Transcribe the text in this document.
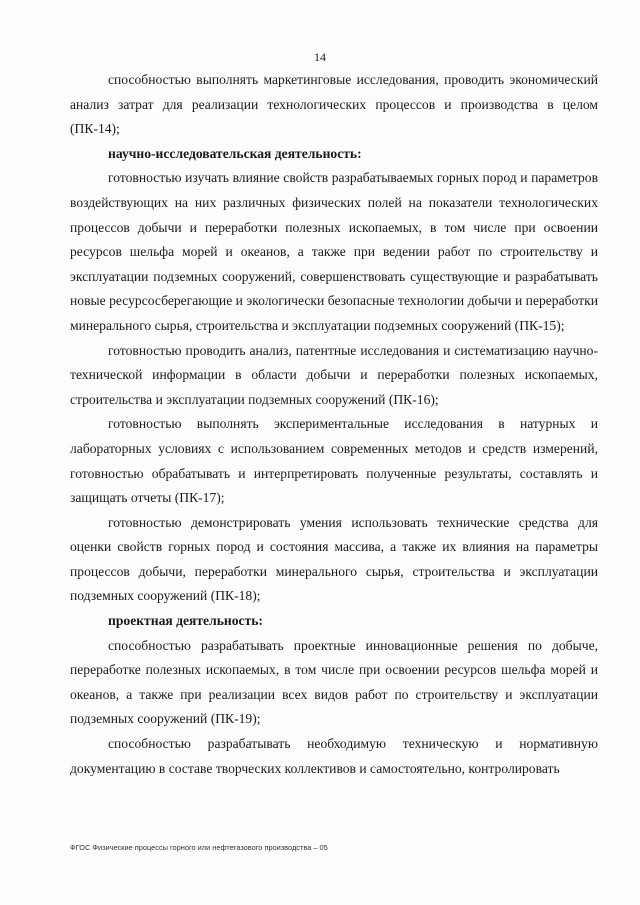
14

способностью выполнять маркетинговые исследования, проводить экономический анализ затрат для реализации технологических процессов и производства в целом (ПК-14);

научно-исследовательская деятельность:

готовностью изучать влияние свойств разрабатываемых горных пород и параметров воздействующих на них различных физических полей на показатели технологических процессов добычи и переработки полезных ископаемых, в том числе при освоении ресурсов шельфа морей и океанов, а также при ведении работ по строительству и эксплуатации подземных сооружений, совершенствовать существующие и разрабатывать новые ресурсосберегающие и экологически безопасные технологии добычи и переработки минерального сырья, строительства и эксплуатации подземных сооружений (ПК-15);

готовностью проводить анализ, патентные исследования и систематизацию научно-технической информации в области добычи и переработки полезных ископаемых, строительства и эксплуатации подземных сооружений (ПК-16);

готовностью выполнять экспериментальные исследования в натурных и лабораторных условиях с использованием современных методов и средств измерений, готовностью обрабатывать и интерпретировать полученные результаты, составлять и защищать отчеты (ПК-17);

готовностью демонстрировать умения использовать технические средства для оценки свойств горных пород и состояния массива, а также их влияния на параметры процессов добычи, переработки минерального сырья, строительства и эксплуатации подземных сооружений (ПК-18);

проектная деятельность:

способностью разрабатывать проектные инновационные решения по добыче, переработке полезных ископаемых, в том числе при освоении ресурсов шельфа морей и океанов, а также при реализации всех видов работ по строительству и эксплуатации подземных сооружений (ПК-19);

способностью разрабатывать необходимую техническую и нормативную документацию в составе творческих коллективов и самостоятельно, контролировать

ФГОС Физические процессы горного или нефтегазового производства – 05
